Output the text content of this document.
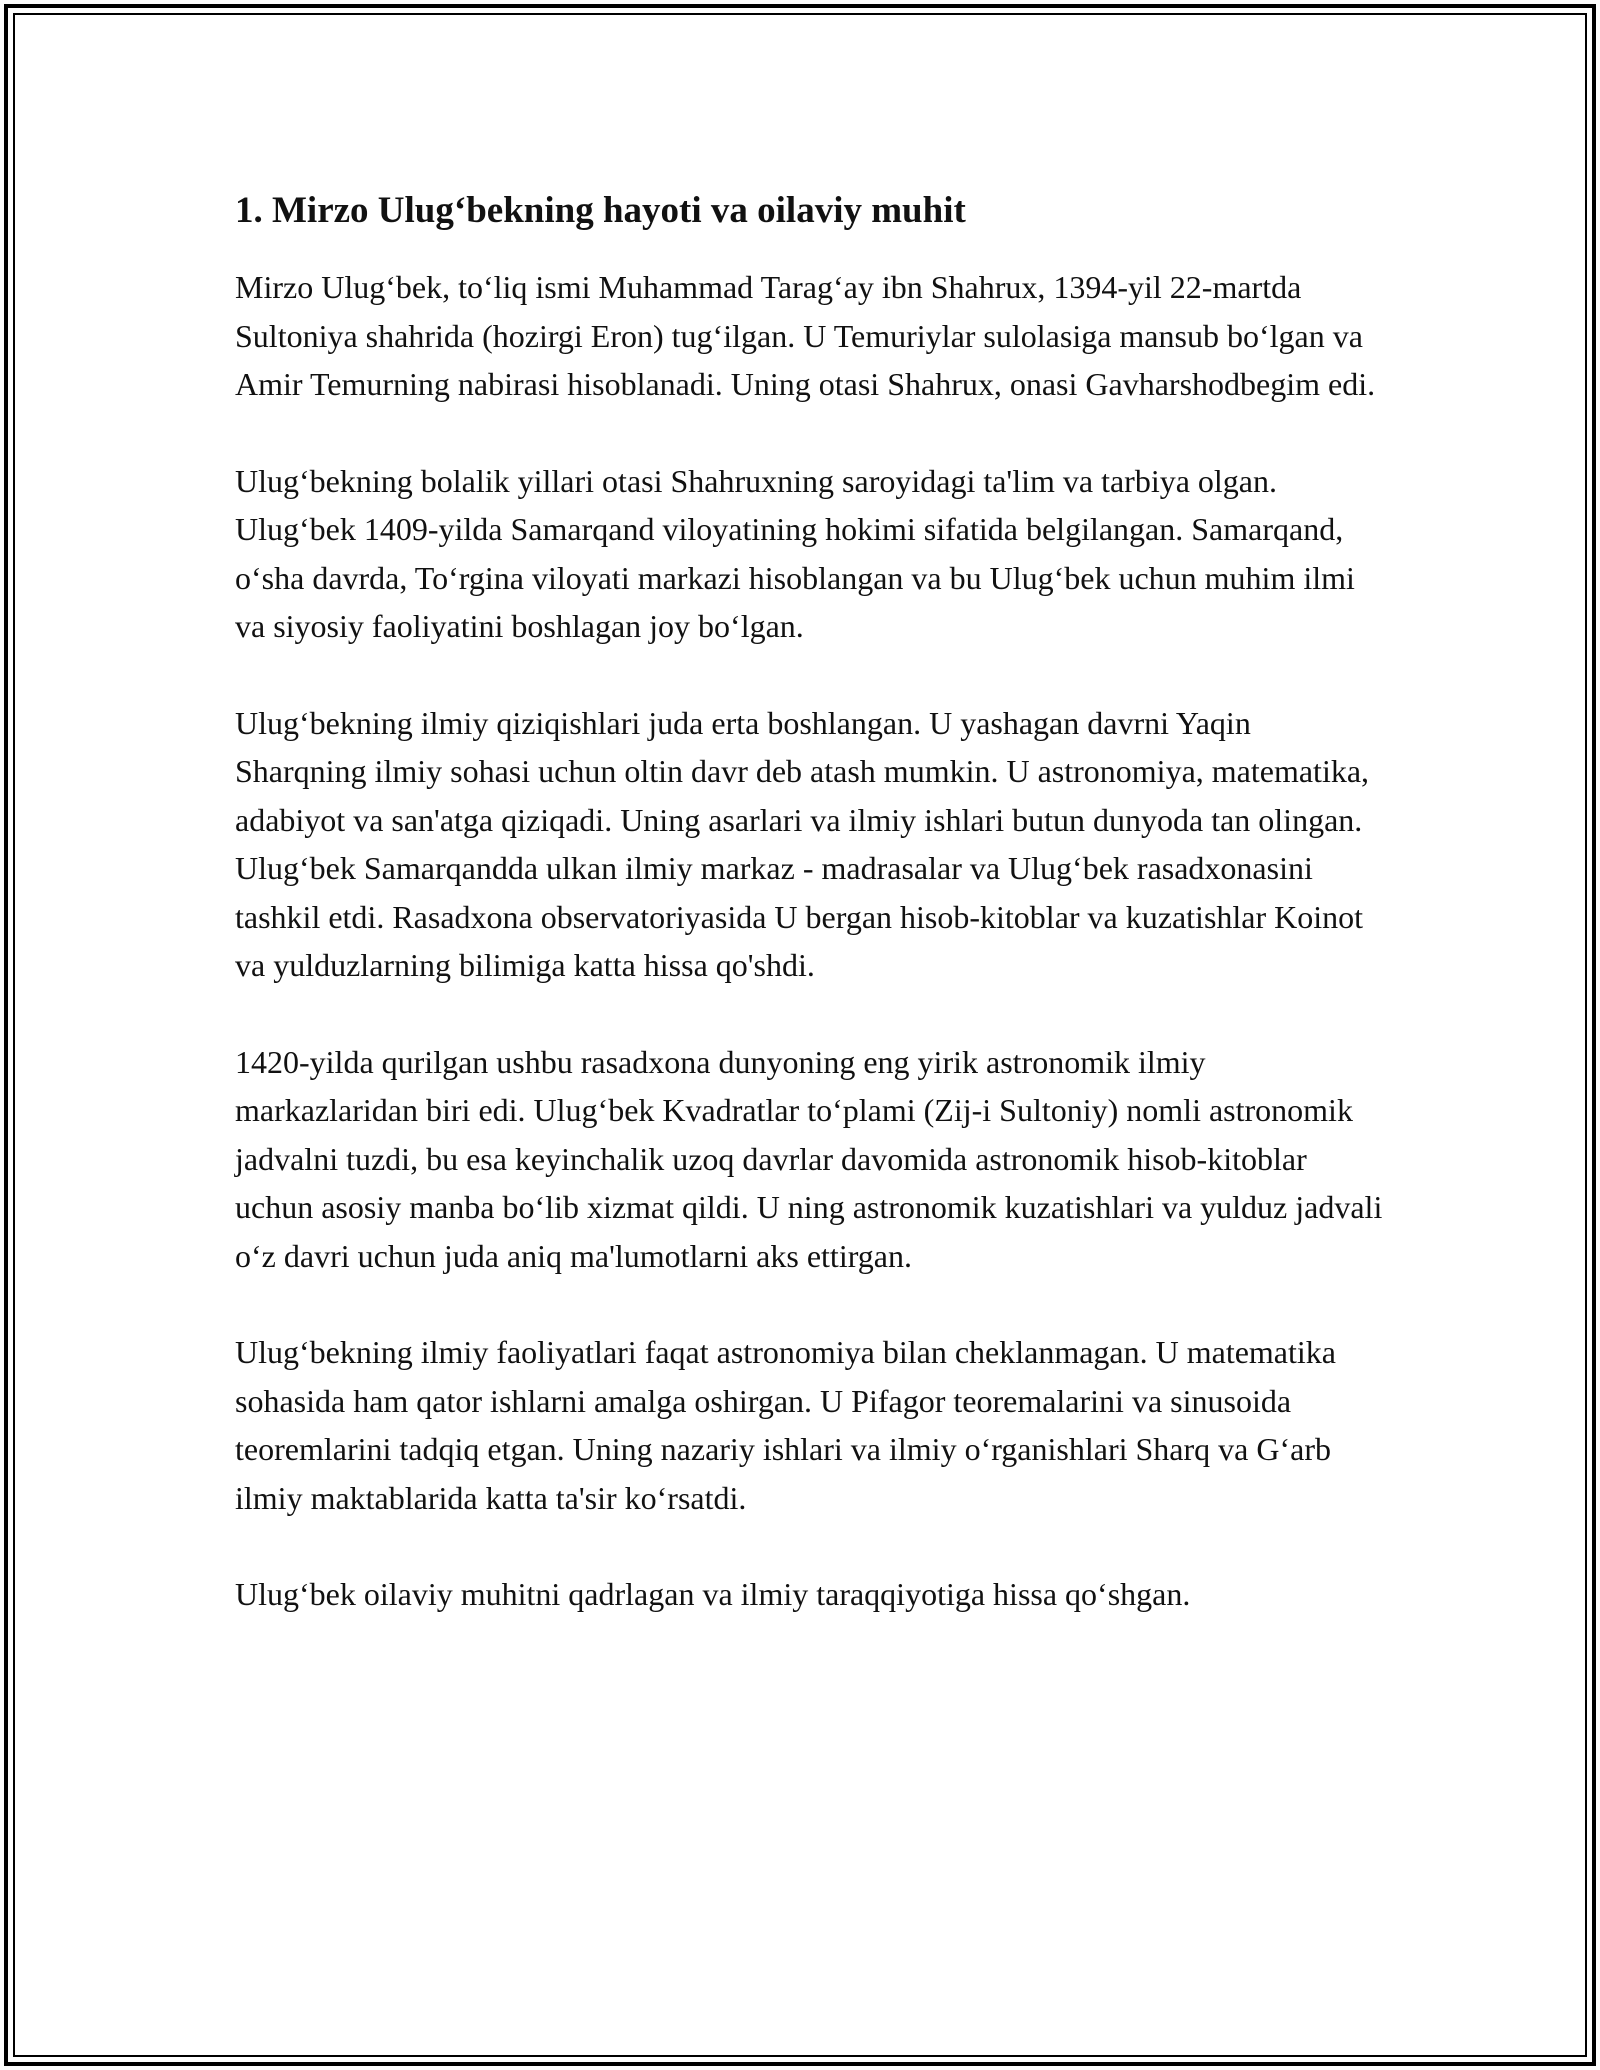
1. Mirzo Ulug‘bekning hayoti va oilaviy muhit

Mirzo Ulug‘bek, to‘liq ismi Muhammad Tarag‘ay ibn Shahrux, 1394-yil 22-martda Sultoniya shahrida (hozirgi Eron) tug‘ilgan. U Temuriylar sulolasiga mansub bo‘lgan va Amir Temurning nabirasi hisoblanadi. Uning otasi Shahrux, onasi Gavharshodbegim edi.

Ulug‘bekning bolalik yillari otasi Shahruxning saroyidagi ta'lim va tarbiya olgan. Ulug‘bek 1409-yilda Samarqand viloyatining hokimi sifatida belgilangan. Samarqand, o‘sha davrda, To‘rgina viloyati markazi hisoblangan va bu Ulug‘bek uchun muhim ilmi va siyosiy faoliyatini boshlagan joy bo‘lgan.

Ulug‘bekning ilmiy qiziqishlari juda erta boshlangan. U yashagan davrni Yaqin Sharqning ilmiy sohasi uchun oltin davr deb atash mumkin. U astronomiya, matematika, adabiyot va san'atga qiziqadi. Uning asarlari va ilmiy ishlari butun dunyoda tan olingan. Ulug‘bek Samarqandda ulkan ilmiy markaz - madrasalar va Ulug‘bek rasadxonasini tashkil etdi. Rasadxona observatoriyasida U bergan hisob-kitoblar va kuzatishlar Koinot va yulduzlarning bilimiga katta hissa qo'shdi.

1420-yilda qurilgan ushbu rasadxona dunyoning eng yirik astronomik ilmiy markazlaridan biri edi. Ulug‘bek Kvadratlar to‘plami (Zij-i Sultoniy) nomli astronomik jadvalni tuzdi, bu esa keyinchalik uzoq davrlar davomida astronomik hisob-kitoblar uchun asosiy manba bo‘lib xizmat qildi. U ning astronomik kuzatishlari va yulduz jadvali o‘z davri uchun juda aniq ma'lumotlarni aks ettirgan.

Ulug‘bekning ilmiy faoliyatlari faqat astronomiya bilan cheklanmagan. U matematika sohasida ham qator ishlarni amalga oshirgan. U Pifagor teoremalarini va sinusoida teoremlarini tadqiq etgan. Uning nazariy ishlari va ilmiy o‘rganishlari Sharq va G‘arb ilmiy maktablarida katta ta'sir ko‘rsatdi.

Ulug‘bek oilaviy muhitni qadrlagan va ilmiy taraqqiyotiga hissa qo‘shgan.
